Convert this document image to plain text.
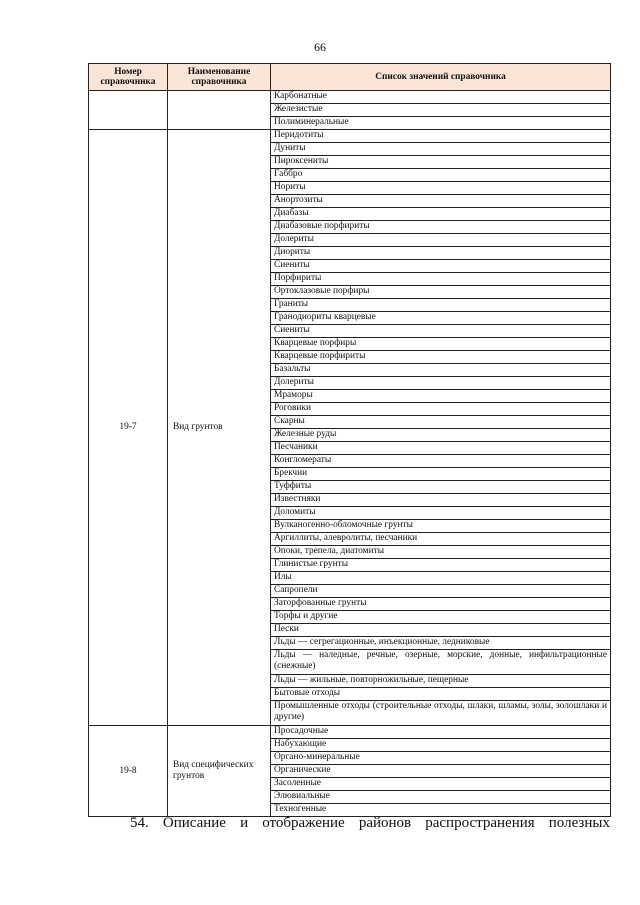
66
Номер справочника	Наименование справочника	Список значений справочника
		Карбонатные
		Железистые
		Полиминеральные
19-7	Вид грунтов	Перидотиты
		Дуниты
		Пироксениты
		Габбро
		Нориты
		Анортозиты
		Диабазы
		Диабазовые порфириты
		Долериты
		Диориты
		Сиениты
		Порфириты
		Ортоклазовые порфиры
		Граниты
		Гранодиориты кварцевые
		Сиениты
		Кварцевые порфиры
		Кварцевые порфириты
		Базальты
		Долериты
		Мраморы
		Роговики
		Скарны
		Железные руды
		Песчаники
		Конгломераты
		Брекчии
		Туффиты
		Известняки
		Доломиты
		Вулканогенно-обломочные грунты
		Аргиллиты, алевролиты, песчаники
		Опоки, трепела, диатомиты
		Глинистые грунты
		Илы
		Сапропели
		Заторфованные грунты
		Торфы и другие
		Пески
		Льды — сегрегационные, инъекционные, ледниковые
		Льды — наледные, речные, озерные, морские, донные, инфильтрационные (снежные)
		Льды — жильные, повторножильные, пещерные
		Бытовые отходы
		Промышленные отходы (строительные отходы, шлаки, шламы, золы, золошлаки и другие)
19-8	Вид специфических грунтов	Просадочные
		Набухающие
		Органо-минеральные
		Органические
		Засоленные
		Элювиальные
		Техногенные
54. Описание и отображение районов распространения полезных
